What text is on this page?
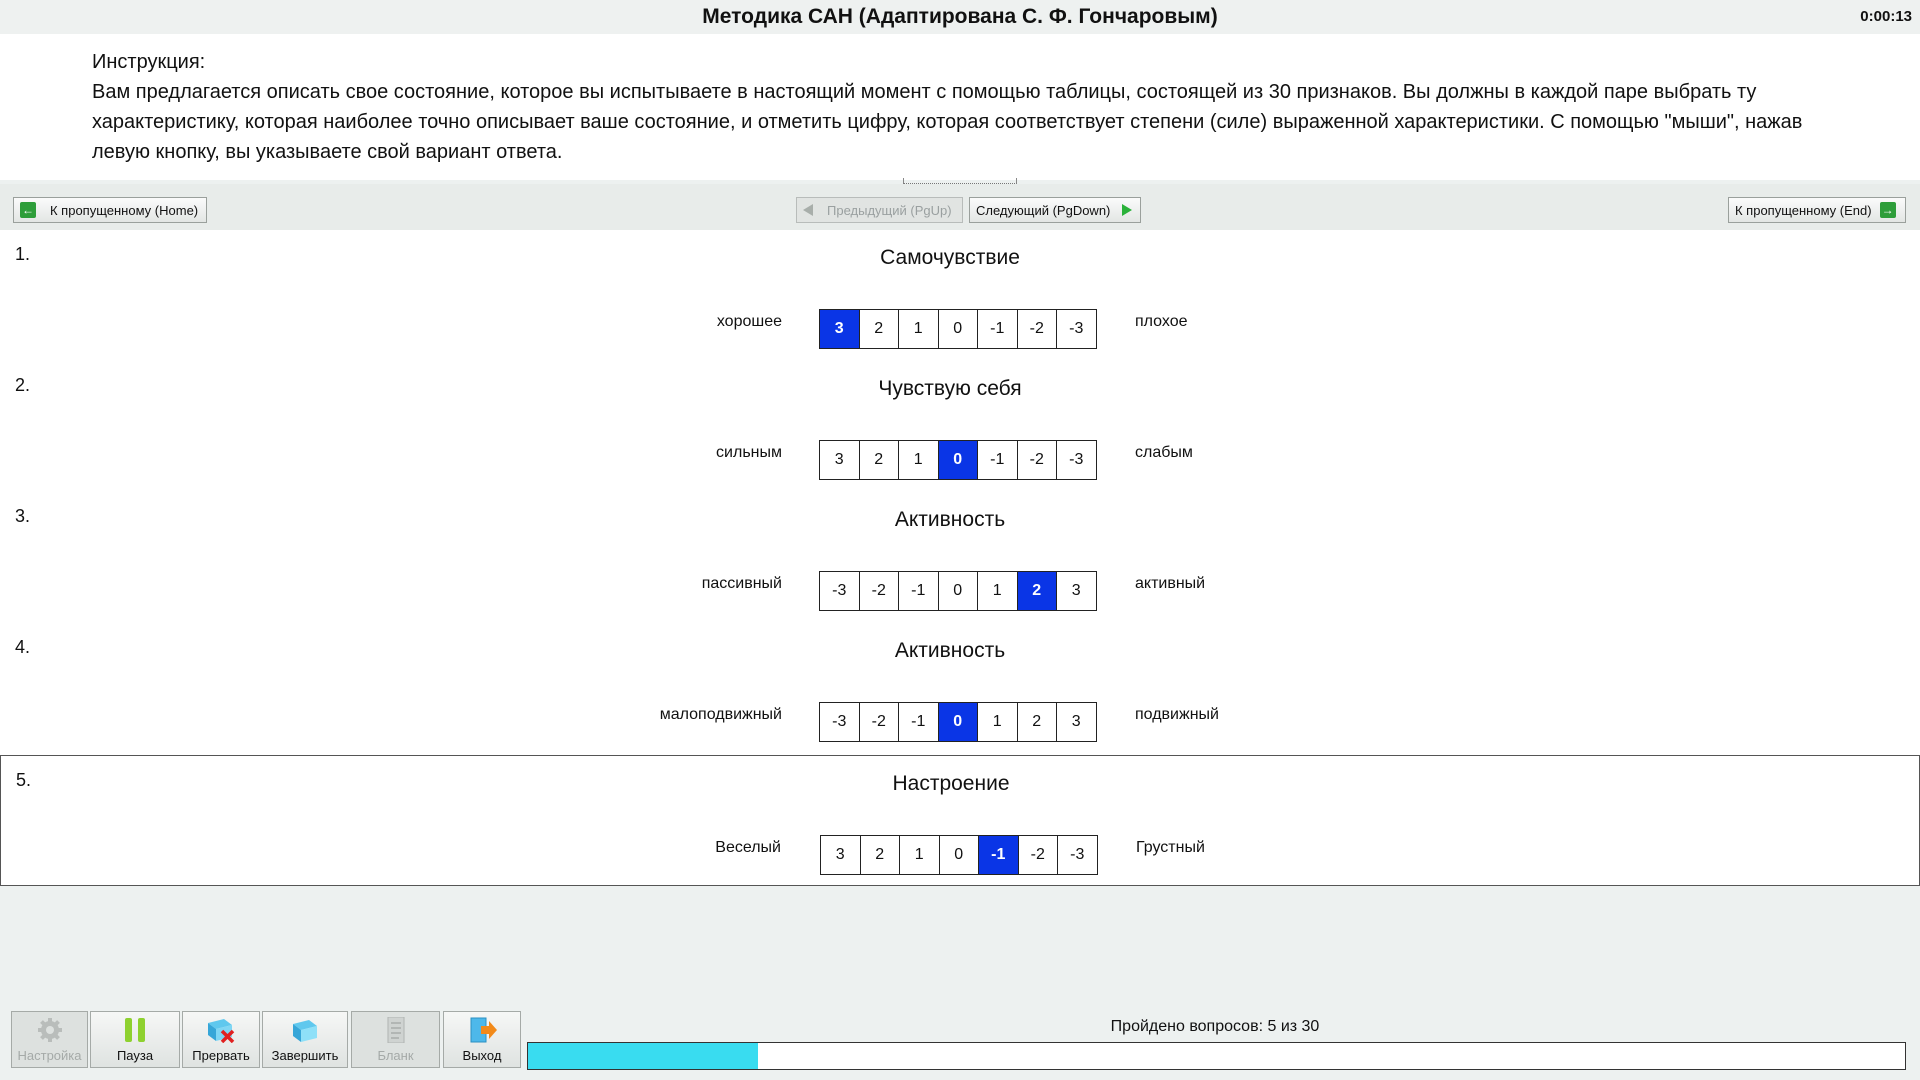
Методика САН (Адаптирована С. Ф. Гончаровым)	0:00:13
Инструкция:
Вам предлагается описать свое состояние, которое вы испытываете в настоящий момент с помощью таблицы, состоящей из 30 признаков. Вы должны в каждой паре выбрать ту характеристику, которая наиболее точно описывает ваше состояние, и отметить цифру, которая соответствует степени (силе) выраженной характеристики. С помощью "мыши", нажав левую кнопку, вы указываете свой вариант ответа.
← К пропущенному (Home)	Предыдущий (PgUp) Следующий (PgDown)	К пропущенному (End) →
1.	Самочувствие
хорошее	3	2	1	0	-1	-2	-3	плохое
2.	Чувствую себя
сильным	3	2	1	0	-1	-2	-3	слабым
3.	Активность
пассивный	-3	-2	-1	0	1	2	3	активный
4.	Активность
малоподвижный	-3	-2	-1	0	1	2	3	подвижный
5.	Настроение
Веселый	3	2	1	0	-1	-2	-3	Грустный
Настройка	Пауза	Прервать Завершить	Бланк	Выход
Пройдено вопросов: 5 из 30
